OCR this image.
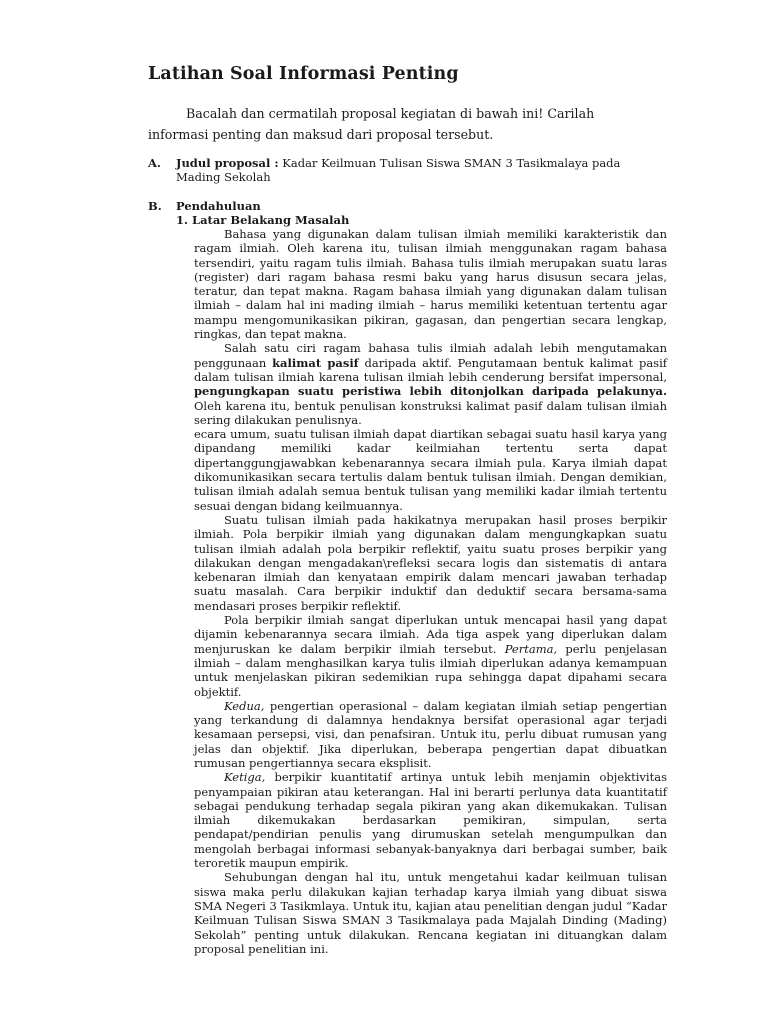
Latihan Soal Informasi Penting
Bacalah dan cermatilah proposal kegiatan di bawah ini! Carilah informasi penting dan maksud dari proposal tersebut.
A. Judul proposal : Kadar Keilmuan Tulisan Siswa SMAN 3 Tasikmalaya pada Mading Sekolah
B. Pendahuluan
1. Latar Belakang Masalah

Bahasa yang digunakan dalam tulisan ilmiah memiliki karakteristik dan ragam ilmiah. Oleh karena itu, tulisan ilmiah menggunakan ragam bahasa tersendiri, yaitu ragam tulis ilmiah. Bahasa tulis ilmiah merupakan suatu laras (register) dari ragam bahasa resmi baku yang harus disusun secara jelas, teratur, dan tepat makna. Ragam bahasa ilmiah yang digunakan dalam tulisan ilmiah – dalam hal ini mading ilmiah – harus memiliki ketentuan tertentu agar mampu mengomunikasikan pikiran, gagasan, dan pengertian secara lengkap, ringkas, dan tepat makna.

Salah satu ciri ragam bahasa tulis ilmiah adalah lebih mengutamakan penggunaan kalimat pasif daripada aktif. Pengutamaan bentuk kalimat pasif dalam tulisan ilmiah karena tulisan ilmiah lebih cenderung bersifat impersonal, pengungkapan suatu peristiwa lebih ditonjolkan daripada pelakunya. Oleh karena itu, bentuk penulisan konstruksi kalimat pasif dalam tulisan ilmiah sering dilakukan penulisnya.

ecara umum, suatu tulisan ilmiah dapat diartikan sebagai suatu hasil karya yang dipandang memiliki kadar keilmiahan tertentu serta dapat dipertanggungjawabkan kebenarannya secara ilmiah pula. Karya ilmiah dapat dikomunikasikan secara tertulis dalam bentuk tulisan ilmiah. Dengan demikian, tulisan ilmiah adalah semua bentuk tulisan yang memiliki kadar ilmiah tertentu sesuai dengan bidang keilmuannya.

Suatu tulisan ilmiah pada hakikatnya merupakan hasil proses berpikir ilmiah. Pola berpikir ilmiah yang digunakan dalam mengungkapkan suatu tulisan ilmiah adalah pola berpikir reflektif, yaitu suatu proses berpikir yang dilakukan dengan mengadakan\refleksi secara logis dan sistematis di antara kebenaran ilmiah dan kenyataan empirik dalam mencari jawaban terhadap suatu masalah. Cara berpikir induktif dan deduktif secara bersama-sama mendasari proses berpikir reflektif.

Pola berpikir ilmiah sangat diperlukan untuk mencapai hasil yang dapat dijamin kebenarannya secara ilmiah. Ada tiga aspek yang diperlukan dalam menjuruskan ke dalam berpikir ilmiah tersebut. Pertama, perlu penjelasan ilmiah – dalam menghasilkan karya tulis ilmiah diperlukan adanya kemampuan untuk menjelaskan pikiran sedemikian rupa sehingga dapat dipahami secara objektif.

Kedua, pengertian operasional – dalam kegiatan ilmiah setiap pengertian yang terkandung di dalamnya hendaknya bersifat operasional agar terjadi kesamaan persepsi, visi, dan penafsiran. Untuk itu, perlu dibuat rumusan yang jelas dan objektif. Jika diperlukan, beberapa pengertian dapat dibuatkan rumusan pengertiannya secara eksplisit.

Ketiga, berpikir kuantitatif artinya untuk lebih menjamin objektivitas penyampaian pikiran atau keterangan. Hal ini berarti perlunya data kuantitatif sebagai pendukung terhadap segala pikiran yang akan dikemukakan. Tulisan ilmiah dikemukakan berdasarkan pemikiran, simpulan, serta pendapat/pendirian penulis yang dirumuskan setelah mengumpulkan dan mengolah berbagai informasi sebanyak-banyaknya dari berbagai sumber, baik teroretik maupun empirik.

Sehubungan dengan hal itu, untuk mengetahui kadar keilmuan tulisan siswa maka perlu dilakukan kajian terhadap karya ilmiah yang dibuat siswa SMA Negeri 3 Tasikmlaya. Untuk itu, kajian atau penelitian dengan judul “Kadar Keilmuan Tulisan Siswa SMAN 3 Tasikmalaya pada Majalah Dinding (Mading) Sekolah” penting untuk dilakukan. Rencana kegiatan ini dituangkan dalam proposal penelitian ini.
